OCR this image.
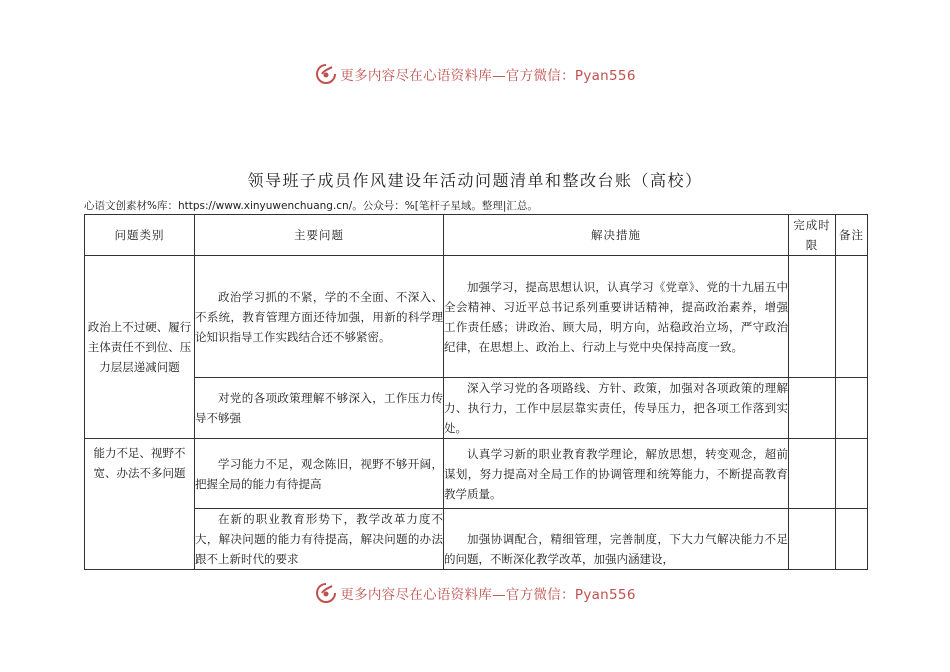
更多内容尽在心语资料库—官方微信：Pyan556
领导班子成员作风建设年活动问题清单和整改台账（高校）
心语文创素材%库：https://www.xinyuwenchuang.cn/。公众号：%[笔杆子星域。整理|汇总。
问题类别	主要问题	解决措施	完成时限	备注
政治上不过硬、履行主体责任不到位、压力层层递减问题	政治学习抓的不紧，学的不全面、不深入、不系统，教育管理方面还待加强，用新的科学理论知识指导工作实践结合还不够紧密。	加强学习，提高思想认识，认真学习《党章》、党的十九届五中全会精神、习近平总书记系列重要讲话精神，提高政治素养，增强工作责任感；讲政治、顾大局，明方向，站稳政治立场，严守政治纪律，在思想上、政治上、行动上与党中央保持高度一致。		
	对党的各项政策理解不够深入，工作压力传导不够强	深入学习党的各项路线、方针、政策，加强对各项政策的理解力、执行力，工作中层层靠实责任，传导压力，把各项工作落到实处。		
能力不足、视野不宽、办法不多问题	学习能力不足，观念陈旧，视野不够开阔，把握全局的能力有待提高	认真学习新的职业教育教学理论，解放思想，转变观念，超前谋划，努力提高对全局工作的协调管理和统筹能力，不断提高教育教学质量。		
	在新的职业教育形势下，教学改革力度不大，解决问题的能力有待提高，解决问题的办法跟不上新时代的要求	加强协调配合，精细管理，完善制度，下大力气解决能力不足的问题，不断深化教学改革，加强内涵建设，		
更多内容尽在心语资料库—官方微信：Pyan556
